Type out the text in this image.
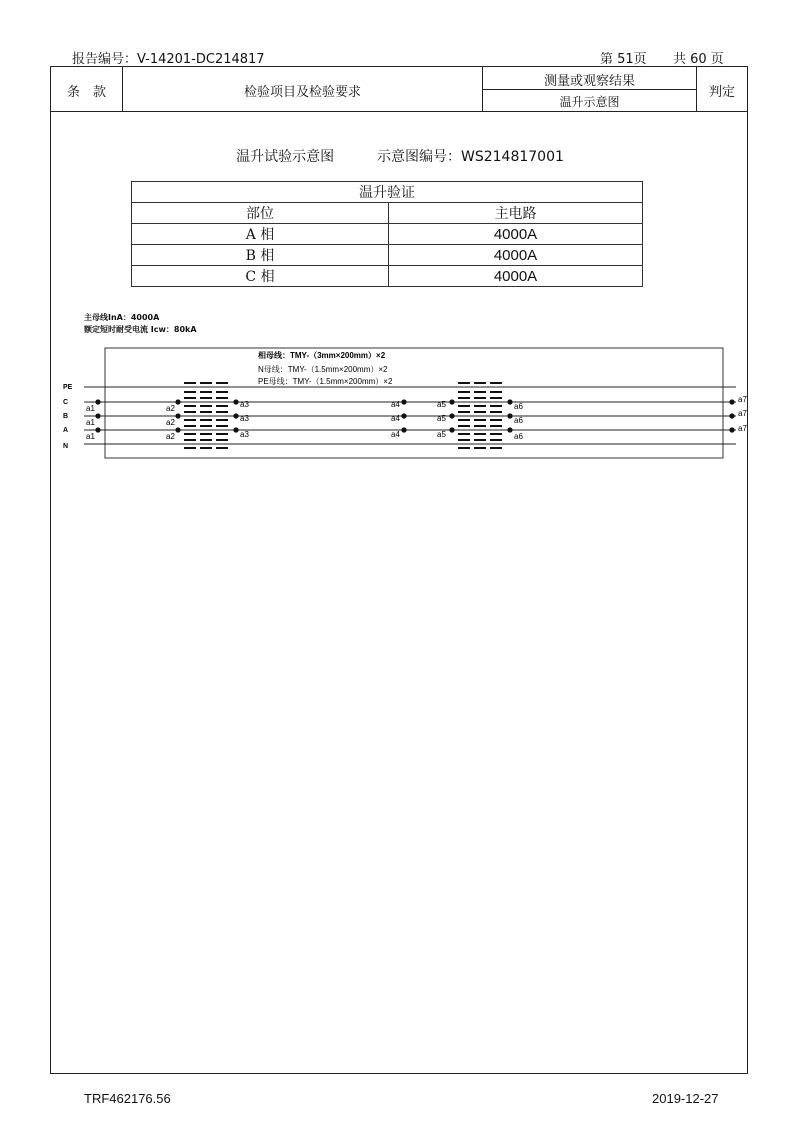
报告编号：V-14201-DC214817	第 51页 共 60 页
条　款	检验项目及检验要求
测量或观察结果
温升示意图
判定
温升试验示意图	示意图编号：WS214817001
温升验证	
部位	主电路
A 相	4000A
B 相	4000A
C 相	4000A
主母线InA：4000A
额定短时耐受电流 Icw：80kA
相母线：TMY-（3mm×200mm）×2
N母线：TMY-（1.5mm×200mm）×2
PE母线：TMY-（1.5mm×200mm）×2
PE
C
B
A
N
a1
a1
a1
a2
a2
a2
a3
a3
a3
a4
a4
a4
a5
a5
a5
a6
a6
a6
a7
a7
a7
TRF462176.56	2019-12-27
